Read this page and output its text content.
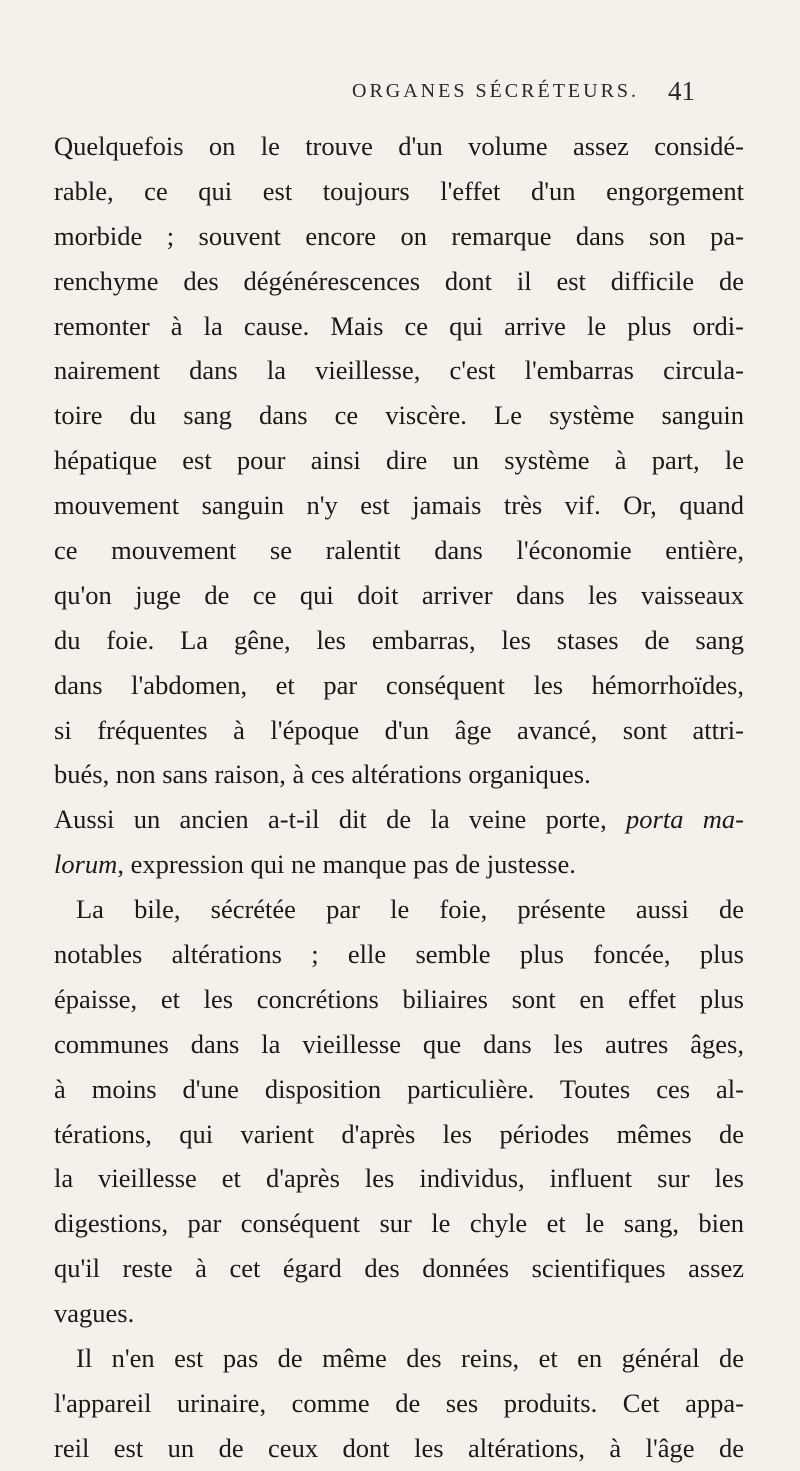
ORGANES SÉCRÉTEURS. 41
Quelquefois on le trouve d'un volume assez considé-
rable, ce qui est toujours l'effet d'un engorgement
morbide ; souvent encore on remarque dans son pa-
renchyme des dégénérescences dont il est difficile de
remonter à la cause. Mais ce qui arrive le plus ordi-
nairement dans la vieillesse, c'est l'embarras circula-
toire du sang dans ce viscère. Le système sanguin
hépatique est pour ainsi dire un système à part, le
mouvement sanguin n'y est jamais très vif. Or, quand
ce mouvement se ralentit dans l'économie entière,
qu'on juge de ce qui doit arriver dans les vaisseaux
du foie. La gêne, les embarras, les stases de sang
dans l'abdomen, et par conséquent les hémorrhoïdes,
si fréquentes à l'époque d'un âge avancé, sont attri-
bués, non sans raison, à ces altérations organiques.
Aussi un ancien a-t-il dit de la veine porte, porta ma-
lorum, expression qui ne manque pas de justesse.
La bile, sécrétée par le foie, présente aussi de
notables altérations ; elle semble plus foncée, plus
épaisse, et les concrétions biliaires sont en effet plus
communes dans la vieillesse que dans les autres âges,
à moins d'une disposition particulière. Toutes ces al-
térations, qui varient d'après les périodes mêmes de
la vieillesse et d'après les individus, influent sur les
digestions, par conséquent sur le chyle et le sang, bien
qu'il reste à cet égard des données scientifiques assez
vagues.
Il n'en est pas de même des reins, et en général de
l'appareil urinaire, comme de ses produits. Cet appa-
reil est un de ceux dont les altérations, à l'âge de
